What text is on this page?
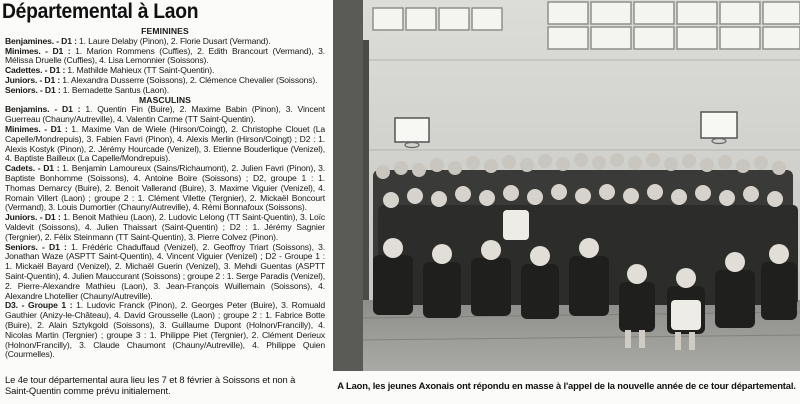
Départemental à Laon

FEMININES

Benjamines. - D1 : 1. Laure Delaby (Pinon), 2. Florie Dusart (Vermand).

Minimes. - D1 : 1. Marion Rommens (Cuffies), 2. Edith Brancourt (Vermand), 3. Mélissa Druelle (Cuffies), 4. Lisa Lemonnier (Soissons).

Cadettes. - D1 : 1. Mathilde Mahieux (TT Saint-Quentin).

Juniors. - D1 : 1. Alexandra Dusserre (Soissons), 2. Clémence Chevalier (Soissons).

Seniors. - D1 : 1. Bernadette Santus (Laon).

MASCULINS

Benjamins. - D1 : 1. Quentin Fin (Buire), 2. Maxime Babin (Pinon), 3. Vincent Guerreau (Chauny/Autreville), 4. Valentin Carme (TT Saint-Quentin).

Minimes. - D1 : 1. Maxime Van de Wiele (Hirson/Coingt), 2. Christophe Clouet (La Capelle/Mondrepuis), 3. Fabien Favri (Pinon), 4. Alexis Merlin (Hirson/Coingt) ; D2 : 1. Alexis Kostyk (Pinon), 2. Jérémy Hourcade (Venizel), 3. Etienne Bouderlique (Venizel), 4. Baptiste Bailleux (La Capelle/Mondrepuis).

Cadets. - D1 : 1. Benjamin Lamoureux (Sains/Richaumont), 2. Julien Favri (Pinon), 3. Baptiste Bonhomme (Soissons), 4. Antoine Boire (Soissons) ; D2, groupe 1 : 1. Thomas Demarcy (Buire), 2. Benoit Vallerand (Buire), 3. Maxime Viguier (Venizel), 4. Romain Villert (Laon) ; groupe 2 : 1. Clément Vilette (Tergnier), 2. Mickaël Boncourt (Vermand), 3. Louis Dumortier (Chauny/Autreville), 4. Rémi Bonnafoux (Soissons).

Juniors. - D1 : 1. Benoit Mathieu (Laon), 2. Ludovic Lelong (TT Saint-Quentin), 3. Loïc Valdevit (Soissons), 4. Julien Thaissart (Saint-Quentin) ; D2 : 1. Jérémy Sagnier (Tergnier), 2. Félix Steinmann (TT Saint-Quentin), 3. Pierre Colvez (Pinon).

Seniors. - D1 : 1. Frédéric Chaduffaud (Venizel), 2. Geoffroy Triart (Soissons), 3. Jonathan Waze (ASPTT Saint-Quentin), 4. Vincent Viguier (Venizel) ; D2 - Groupe 1 : 1. Mickaël Bayard (Venizel), 2. Michaël Guerin (Venizel), 3. Mehdi Guentas (ASPTT Saint-Quentin), 4. Julien Mauccurant (Soissons) ; groupe 2 : 1. Serge Paradis (Venizel), 2. Pierre-Alexandre Mathieu (Laon), 3. Jean-François Wuillemain (Soissons), 4. Alexandre Lhotellier (Chauny/Autreville).

D3. - Groupe 1 : 1. Ludovic Franck (Pinon), 2. Georges Peter (Buire), 3. Romuald Gauthier (Anizy-le-Château), 4. David Grousselle (Laon) ; groupe 2 : 1. Fabrice Botte (Buire), 2. Alain Sztykgold (Soissons), 3. Guillaume Dupont (Holnon/Francilly), 4. Nicolas Martin (Tergnier) ; groupe 3 : 1. Philippe Piet (Tergnier), 2. Clément Derieux (Holnon/Francilly), 3. Claude Chaumont (Chauny/Autreville), 4. Philippe Quien (Courmelles).

Le 4e tour départemental aura lieu les 7 et 8 février à Soissons et non à Saint-Quentin comme prévu initialement.	A Laon, les jeunes Axonais ont répondu en masse à l'appel de la nouvelle année de ce tour départemental.
